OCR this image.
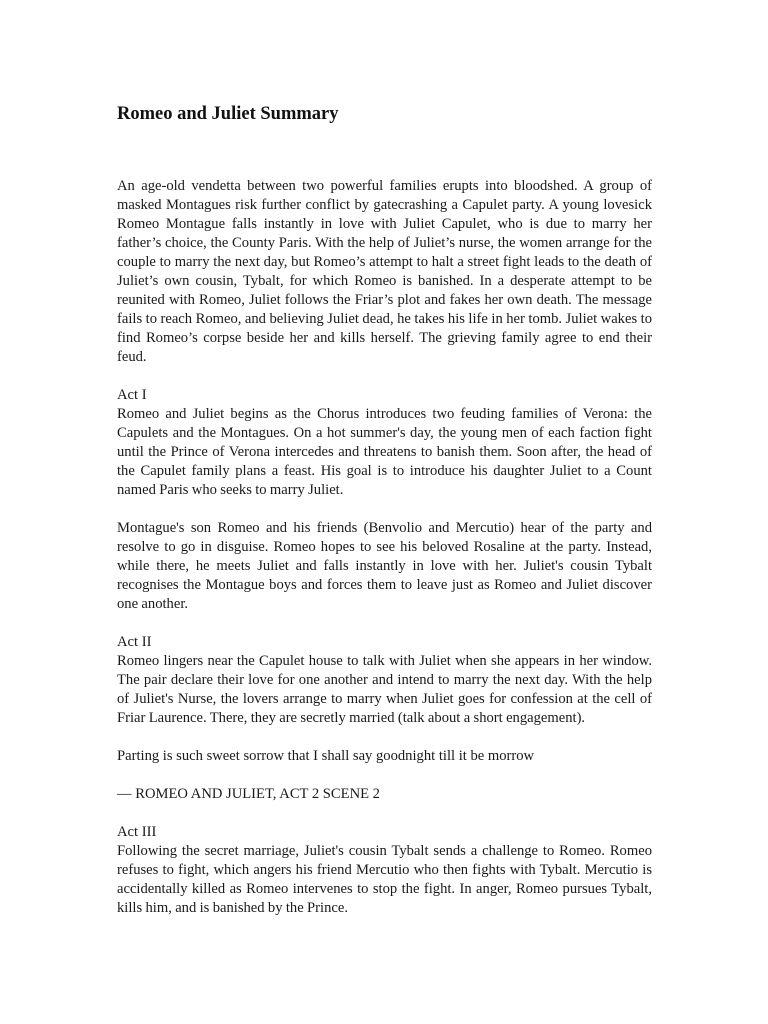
Romeo and Juliet Summary

An age-old vendetta between two powerful families erupts into bloodshed. A group of masked Montagues risk further conflict by gatecrashing a Capulet party. A young lovesick Romeo Montague falls instantly in love with Juliet Capulet, who is due to marry her father’s choice, the County Paris. With the help of Juliet’s nurse, the women arrange for the couple to marry the next day, but Romeo’s attempt to halt a street fight leads to the death of Juliet’s own cousin, Tybalt, for which Romeo is banished. In a desperate attempt to be reunited with Romeo, Juliet follows the Friar’s plot and fakes her own death. The message fails to reach Romeo, and believing Juliet dead, he takes his life in her tomb. Juliet wakes to find Romeo’s corpse beside her and kills herself. The grieving family agree to end their feud.

Act I

Romeo and Juliet begins as the Chorus introduces two feuding families of Verona: the Capulets and the Montagues. On a hot summer's day, the young men of each faction fight until the Prince of Verona intercedes and threatens to banish them. Soon after, the head of the Capulet family plans a feast. His goal is to introduce his daughter Juliet to a Count named Paris who seeks to marry Juliet.

Montague's son Romeo and his friends (Benvolio and Mercutio) hear of the party and resolve to go in disguise. Romeo hopes to see his beloved Rosaline at the party. Instead, while there, he meets Juliet and falls instantly in love with her. Juliet's cousin Tybalt recognises the Montague boys and forces them to leave just as Romeo and Juliet discover one another.

Act II

Romeo lingers near the Capulet house to talk with Juliet when she appears in her window. The pair declare their love for one another and intend to marry the next day. With the help of Juliet's Nurse, the lovers arrange to marry when Juliet goes for confession at the cell of Friar Laurence. There, they are secretly married (talk about a short engagement).

Parting is such sweet sorrow that I shall say goodnight till it be morrow

— ROMEO AND JULIET, ACT 2 SCENE 2

Act III

Following the secret marriage, Juliet's cousin Tybalt sends a challenge to Romeo. Romeo refuses to fight, which angers his friend Mercutio who then fights with Tybalt. Mercutio is accidentally killed as Romeo intervenes to stop the fight. In anger, Romeo pursues Tybalt, kills him, and is banished by the Prince.
